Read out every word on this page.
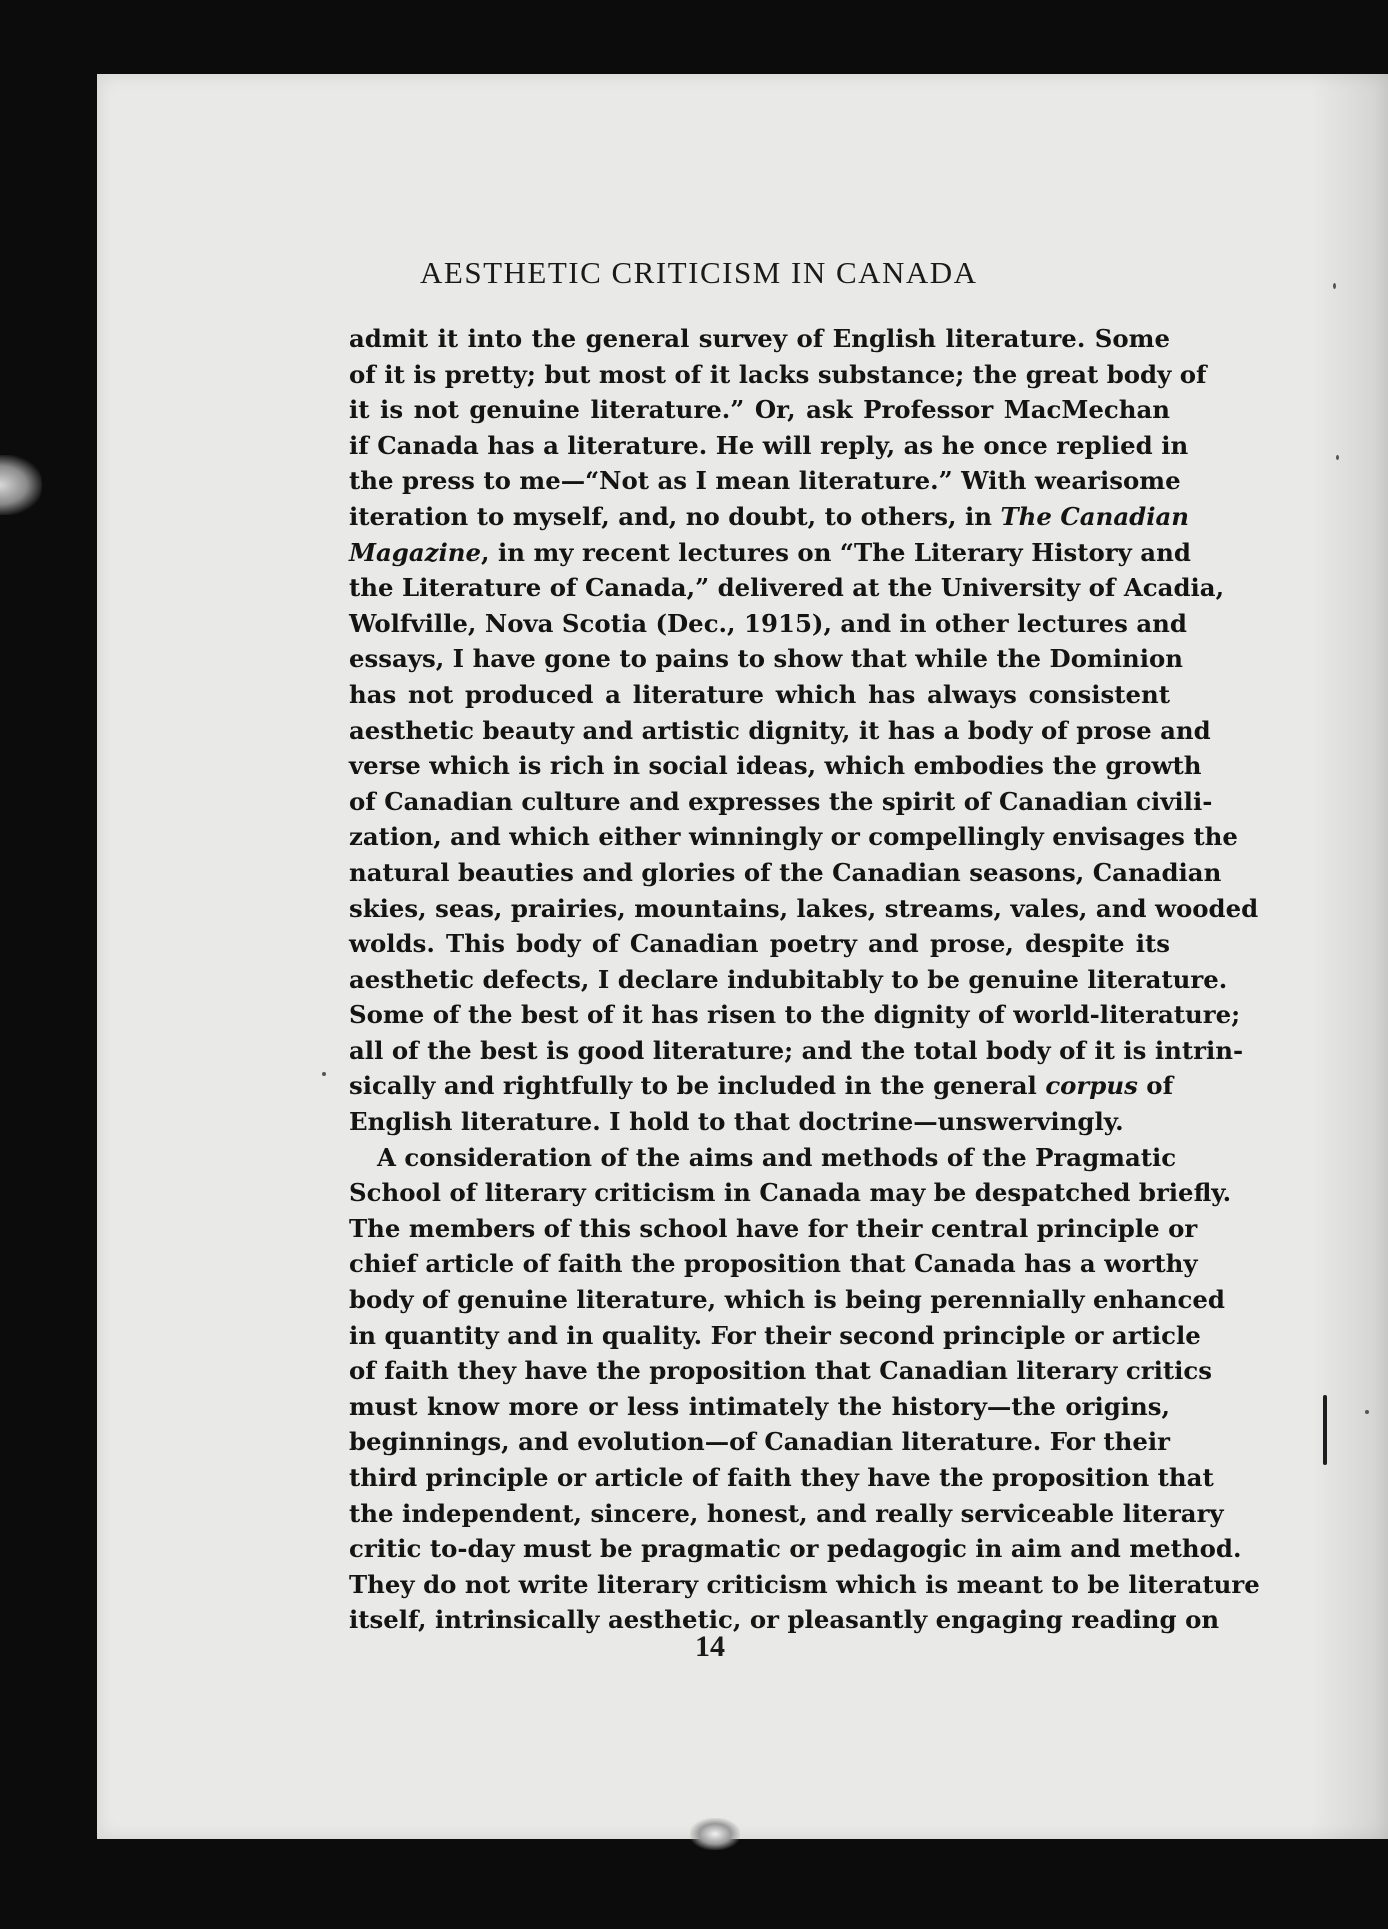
AESTHETIC CRITICISM IN CANADA
admit it into the general survey of English literature. Some
of it is pretty; but most of it lacks substance; the great body of
it is not genuine literature.” Or, ask Professor MacMechan
if Canada has a literature. He will reply, as he once replied in
the press to me—“Not as I mean literature.” With wearisome
iteration to myself, and, no doubt, to others, in The Canadian
Magazine, in my recent lectures on “The Literary History and
the Literature of Canada,” delivered at the University of Acadia,
Wolfville, Nova Scotia (Dec., 1915), and in other lectures and
essays, I have gone to pains to show that while the Dominion
has not produced a literature which has always consistent
aesthetic beauty and artistic dignity, it has a body of prose and
verse which is rich in social ideas, which embodies the growth
of Canadian culture and expresses the spirit of Canadian civili-
zation, and which either winningly or compellingly envisages the
natural beauties and glories of the Canadian seasons, Canadian
skies, seas, prairies, mountains, lakes, streams, vales, and wooded
wolds. This body of Canadian poetry and prose, despite its
aesthetic defects, I declare indubitably to be genuine literature.
Some of the best of it has risen to the dignity of world-literature;
all of the best is good literature; and the total body of it is intrin-
sically and rightfully to be included in the general corpus of
English literature. I hold to that doctrine—unswervingly.
A consideration of the aims and methods of the Pragmatic
School of literary criticism in Canada may be despatched briefly.
The members of this school have for their central principle or
chief article of faith the proposition that Canada has a worthy
body of genuine literature, which is being perennially enhanced
in quantity and in quality. For their second principle or article
of faith they have the proposition that Canadian literary critics
must know more or less intimately the history—the origins,
beginnings, and evolution—of Canadian literature. For their
third principle or article of faith they have the proposition that
the independent, sincere, honest, and really serviceable literary
critic to-day must be pragmatic or pedagogic in aim and method.
They do not write literary criticism which is meant to be literature
itself, intrinsically aesthetic, or pleasantly engaging reading on
14
